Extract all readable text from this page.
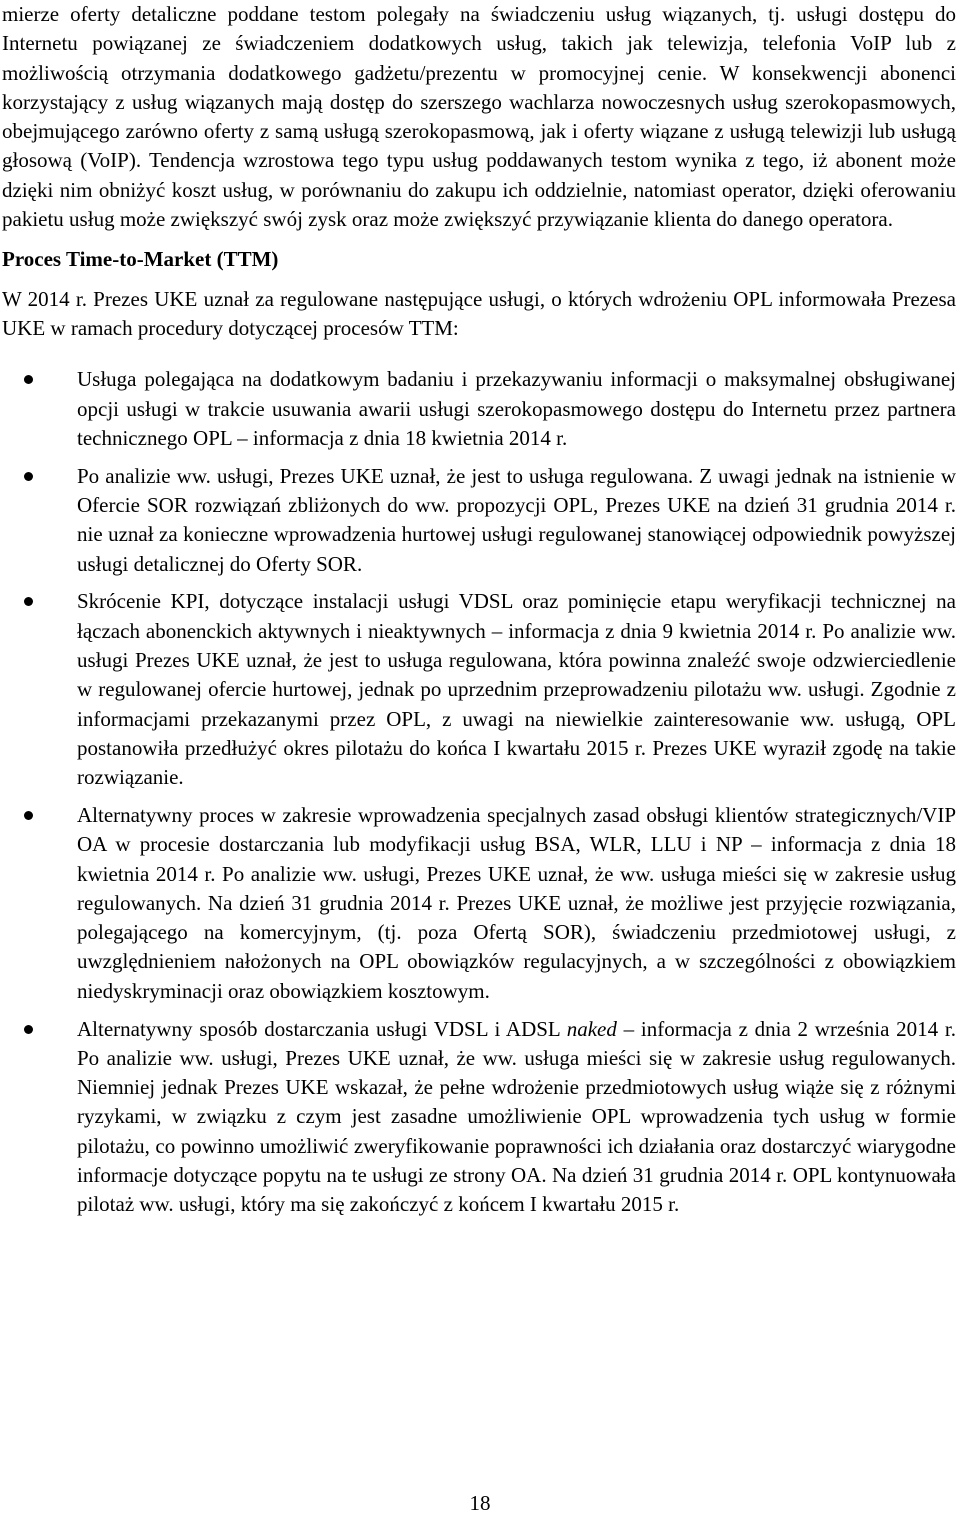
mierze oferty detaliczne poddane testom polegały na świadczeniu usług wiązanych, tj. usługi dostępu do Internetu powiązanej ze świadczeniem dodatkowych usług, takich jak telewizja, telefonia VoIP lub z możliwością otrzymania dodatkowego gadżetu/prezentu w promocyjnej cenie. W konsekwencji abonenci korzystający z usług wiązanych mają dostęp do szerszego wachlarza nowoczesnych usług szerokopasmowych, obejmującego zarówno oferty z samą usługą szerokopasmową, jak i oferty wiązane z usługą telewizji lub usługą głosową (VoIP). Tendencja wzrostowa tego typu usług poddawanych testom wynika z tego, iż abonent może dzięki nim obniżyć koszt usług, w porównaniu do zakupu ich oddzielnie, natomiast operator, dzięki oferowaniu pakietu usług może zwiększyć swój zysk oraz może zwiększyć przywiązanie klienta do danego operatora.

Proces Time-to-Market (TTM)

W 2014 r. Prezes UKE uznał za regulowane następujące usługi, o których wdrożeniu OPL informowała Prezesa UKE w ramach procedury dotyczącej procesów TTM:

Usługa polegająca na dodatkowym badaniu i przekazywaniu informacji o maksymalnej obsługiwanej opcji usługi w trakcie usuwania awarii usługi szerokopasmowego dostępu do Internetu przez partnera technicznego OPL – informacja z dnia 18 kwietnia 2014 r.
Po analizie ww. usługi, Prezes UKE uznał, że jest to usługa regulowana. Z uwagi jednak na istnienie w Ofercie SOR rozwiązań zbliżonych do ww. propozycji OPL, Prezes UKE na dzień 31 grudnia 2014 r. nie uznał za konieczne wprowadzenia hurtowej usługi regulowanej stanowiącej odpowiednik powyższej usługi detalicznej do Oferty SOR.
Skrócenie KPI, dotyczące instalacji usługi VDSL oraz pominięcie etapu weryfikacji technicznej na łączach abonenckich aktywnych i nieaktywnych – informacja z dnia 9 kwietnia 2014 r. Po analizie ww. usługi Prezes UKE uznał, że jest to usługa regulowana, która powinna znaleźć swoje odzwierciedlenie w regulowanej ofercie hurtowej, jednak po uprzednim przeprowadzeniu pilotażu ww. usługi. Zgodnie z informacjami przekazanymi przez OPL, z uwagi na niewielkie zainteresowanie ww. usługą, OPL postanowiła przedłużyć okres pilotażu do końca I kwartału 2015 r. Prezes UKE wyraził zgodę na takie rozwiązanie.
Alternatywny proces w zakresie wprowadzenia specjalnych zasad obsługi klientów strategicznych/VIP OA w procesie dostarczania lub modyfikacji usług BSA, WLR, LLU i NP – informacja z dnia 18 kwietnia 2014 r. Po analizie ww. usługi, Prezes UKE uznał, że ww. usługa mieści się w zakresie usług regulowanych. Na dzień 31 grudnia 2014 r. Prezes UKE uznał, że możliwe jest przyjęcie rozwiązania, polegającego na komercyjnym, (tj. poza Ofertą SOR), świadczeniu przedmiotowej usługi, z uwzględnieniem nałożonych na OPL obowiązków regulacyjnych, a w szczególności z obowiązkiem niedyskryminacji oraz obowiązkiem kosztowym.
Alternatywny sposób dostarczania usługi VDSL i ADSL naked – informacja z dnia 2 września 2014 r. Po analizie ww. usługi, Prezes UKE uznał, że ww. usługa mieści się w zakresie usług regulowanych. Niemniej jednak Prezes UKE wskazał, że pełne wdrożenie przedmiotowych usług wiąże się z różnymi ryzykami, w związku z czym jest zasadne umożliwienie OPL wprowadzenia tych usług w formie pilotażu, co powinno umożliwić zweryfikowanie poprawności ich działania oraz dostarczyć wiarygodne informacje dotyczące popytu na te usługi ze strony OA. Na dzień 31 grudnia 2014 r. OPL kontynuowała pilotaż ww. usługi, który ma się zakończyć z końcem I kwartału 2015 r.
18
